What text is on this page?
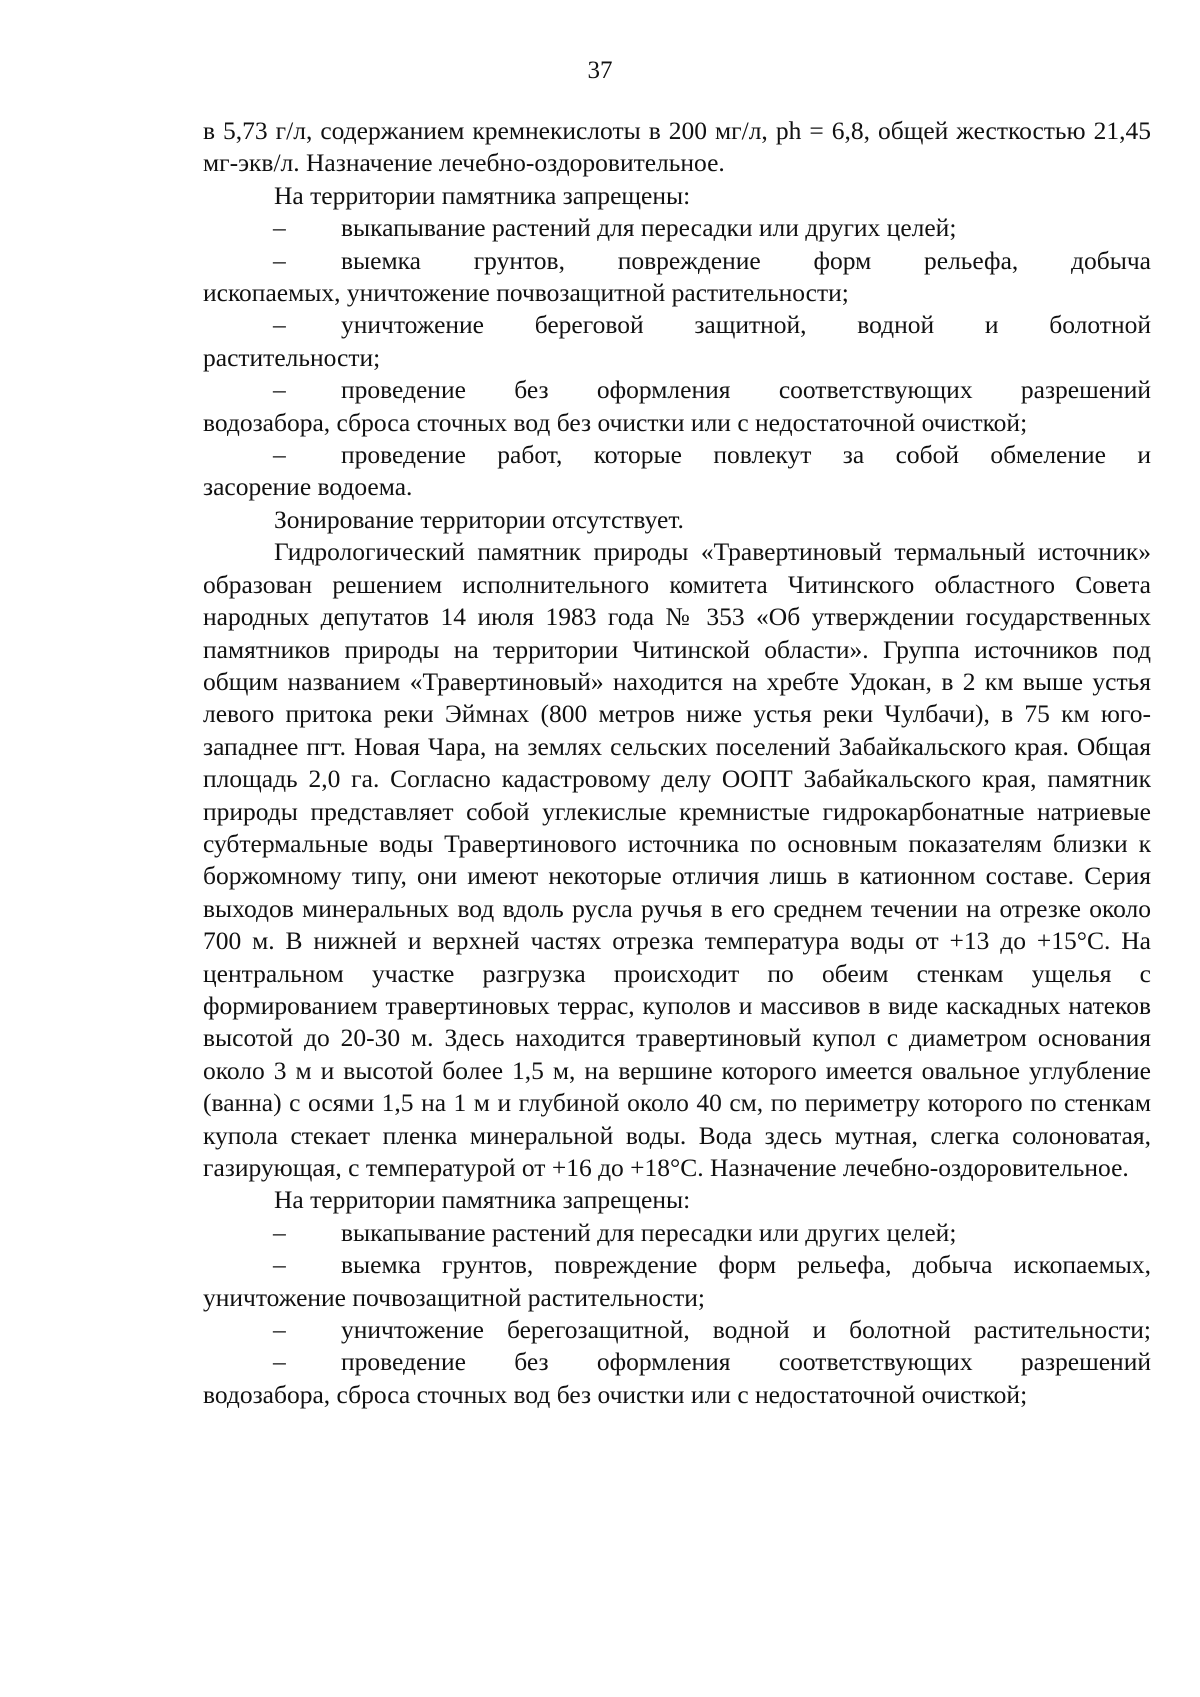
37

в 5,73 г/л, содержанием кремнекислоты в 200 мг/л, ph = 6,8, общей жесткостью 21,45 мг-экв/л. Назначение лечебно-оздоровительное.

На территории памятника запрещены:

–	выкапывание растений для пересадки или других целей;
–	выемка грунтов, повреждение форм рельефа, добыча

ископаемых, уничтожение почвозащитной растительности;

–	уничтожение береговой защитной, водной и болотной

растительности;

–	проведение без оформления соответствующих разрешений

водозабора, сброса сточных вод без очистки или с недостаточной очисткой;

–	проведение работ, которые повлекут за собой обмеление и

засорение водоема.

Зонирование территории отсутствует.

Гидрологический памятник природы «Травертиновый термальный источник» образован решением исполнительного комитета Читинского областного Совета народных депутатов 14 июля 1983 года № 353 «Об утверждении государственных памятников природы на территории Читинской области». Группа источников под общим названием «Травертиновый» находится на хребте Удокан, в 2 км выше устья левого притока реки Эймнах (800 метров ниже устья реки Чулбачи), в 75 км юго-западнее пгт. Новая Чара, на землях сельских поселений Забайкальского края. Общая площадь 2,0 га. Согласно кадастровому делу ООПТ Забайкальского края, памятник природы представляет собой углекислые кремнистые гидрокарбонатные натриевые субтермальные воды Травертинового источника по основным показателям близки к боржомному типу, они имеют некоторые отличия лишь в катионном составе. Серия выходов минеральных вод вдоль русла ручья в его среднем течении на отрезке около 700 м. В нижней и верхней частях отрезка температура воды от +13 до +15°С. На центральном участке разгрузка происходит по обеим стенкам ущелья с формированием травертиновых террас, куполов и массивов в виде каскадных натеков высотой до 20-30 м. Здесь находится травертиновый купол с диаметром основания около 3 м и высотой более 1,5 м, на вершине которого имеется овальное углубление (ванна) с осями 1,5 на 1 м и глубиной около 40 см, по периметру которого по стенкам купола стекает пленка минеральной воды. Вода здесь мутная, слегка солоноватая, газирующая, с температурой от +16 до +18°С. Назначение лечебно-оздоровительное.

На территории памятника запрещены:

–	выкапывание растений для пересадки или других целей;
–	выемка грунтов, повреждение форм рельефа, добыча ископаемых,

уничтожение почвозащитной растительности;

–	уничтожение берегозащитной, водной и болотной растительности;
–	проведение без оформления соответствующих разрешений

водозабора, сброса сточных вод без очистки или с недостаточной очисткой;
